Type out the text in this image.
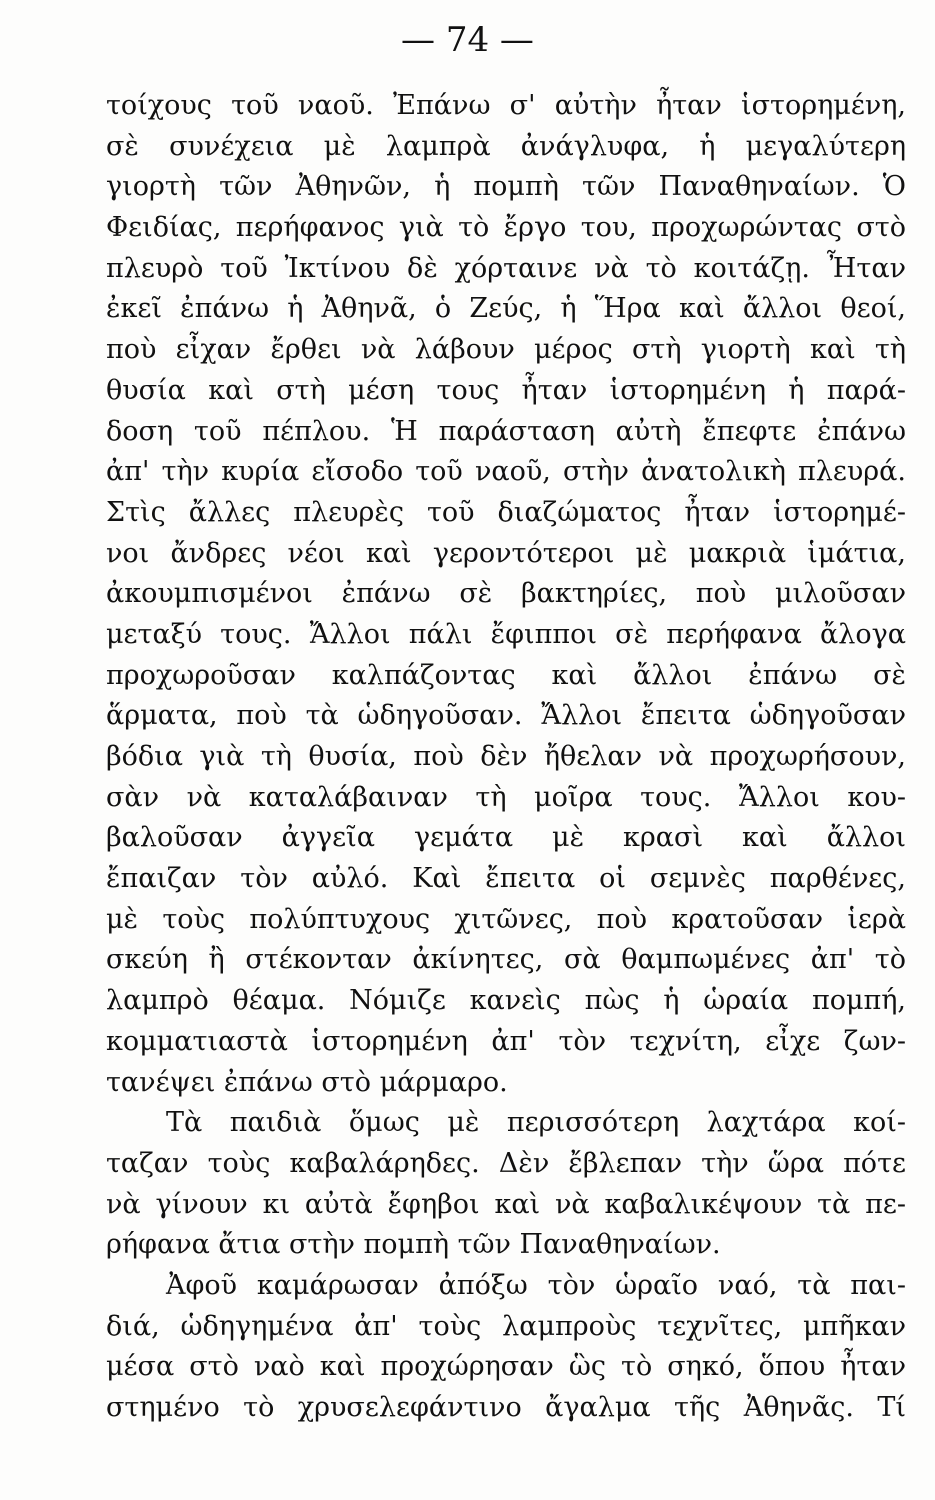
— 74 —
τοίχους τοῦ ναοῦ. Ἐπάνω σ' αὐτὴν ἦταν ἱστορημένη,
σὲ συνέχεια μὲ λαμπρὰ ἀνάγλυφα, ἡ μεγαλύτερη
γιορτὴ τῶν Ἀθηνῶν, ἡ πομπὴ τῶν Παναθηναίων. Ὁ
Φειδίας, περήφανος γιὰ τὸ ἔργο του, προχωρώντας στὸ
πλευρὸ τοῦ Ἰκτίνου δὲ χόρταινε νὰ τὸ κοιτάζῃ. Ἦταν
ἐκεῖ ἐπάνω ἡ Ἀθηνᾶ, ὁ Ζεύς, ἡ Ἥρα καὶ ἄλλοι θεοί,
ποὺ εἶχαν ἔρθει νὰ λάβουν μέρος στὴ γιορτὴ καὶ τὴ
θυσία καὶ στὴ μέση τους ἦταν ἱστορημένη ἡ παρά-
δοση τοῦ πέπλου. Ἡ παράσταση αὐτὴ ἔπεφτε ἐπάνω
ἀπ' τὴν κυρία εἴσοδο τοῦ ναοῦ, στὴν ἀνατολικὴ πλευρά.
Στὶς ἄλλες πλευρὲς τοῦ διαζώματος ἦταν ἱστορημέ-
νοι ἄνδρες νέοι καὶ γεροντότεροι μὲ μακριὰ ἱμάτια,
ἀκουμπισμένοι ἐπάνω σὲ βακτηρίες, ποὺ μιλοῦσαν
μεταξύ τους. Ἄλλοι πάλι ἔφιπποι σὲ περήφανα ἄλογα
προχωροῦσαν καλπάζοντας καὶ ἄλλοι ἐπάνω σὲ
ἅρματα, ποὺ τὰ ὡδηγοῦσαν. Ἄλλοι ἔπειτα ὡδηγοῦσαν
βόδια γιὰ τὴ θυσία, ποὺ δὲν ἤθελαν νὰ προχωρήσουν,
σὰν νὰ καταλάβαιναν τὴ μοῖρα τους. Ἄλλοι κου-
βαλοῦσαν ἀγγεῖα γεμάτα μὲ κρασὶ καὶ ἄλλοι
ἔπαιζαν τὸν αὐλό. Καὶ ἔπειτα οἱ σεμνὲς παρθένες,
μὲ τοὺς πολύπτυχους χιτῶνες, ποὺ κρατοῦσαν ἱερὰ
σκεύη ἢ στέκονταν ἀκίνητες, σὰ θαμπωμένες ἀπ' τὸ
λαμπρὸ θέαμα. Νόμιζε κανεὶς πὼς ἡ ὡραία πομπή,
κομματιαστὰ ἱστορημένη ἀπ' τὸν τεχνίτη, εἶχε ζων-
τανέψει ἐπάνω στὸ μάρμαρο.
Τὰ παιδιὰ ὅμως μὲ περισσότερη λαχτάρα κοί-
ταζαν τοὺς καβαλάρηδες. Δὲν ἔβλεπαν τὴν ὥρα πότε
νὰ γίνουν κι αὐτὰ ἔφηβοι καὶ νὰ καβαλικέψουν τὰ πε-
ρήφανα ἄτια στὴν πομπὴ τῶν Παναθηναίων.
Ἀφοῦ καμάρωσαν ἀπόξω τὸν ὡραῖο ναό, τὰ παι-
διά, ὡδηγημένα ἀπ' τοὺς λαμπροὺς τεχνῖτες, μπῆκαν
μέσα στὸ ναὸ καὶ προχώρησαν ὣς τὸ σηκό, ὅπου ἦταν
στημένο τὸ χρυσελεφάντινο ἄγαλμα τῆς Ἀθηνᾶς. Τί
